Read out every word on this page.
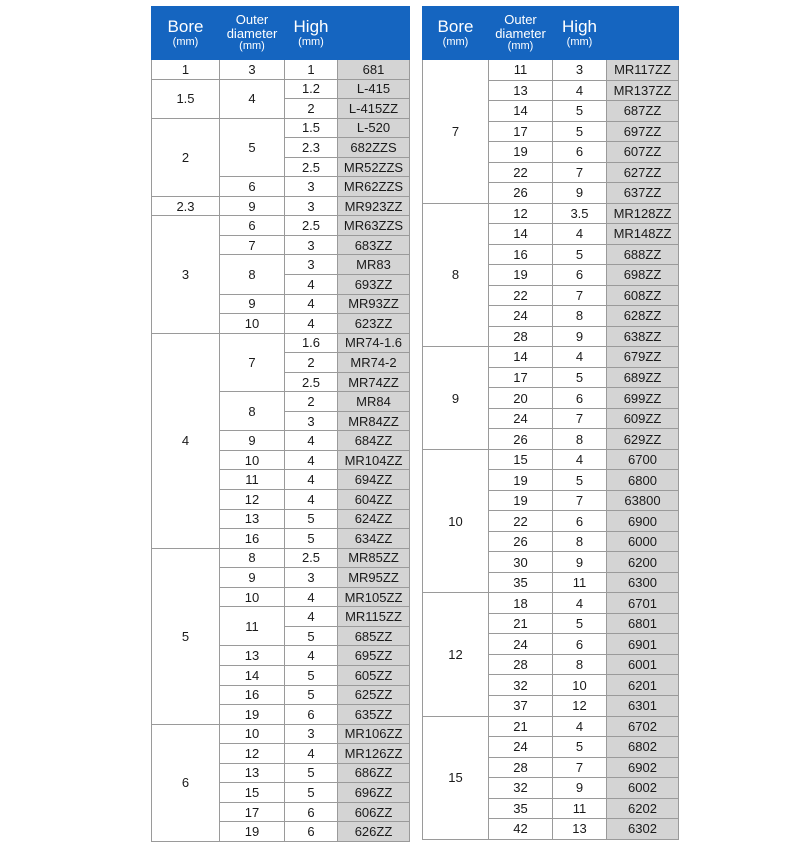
Bore
(mm)	Outer
diameter
(mm)	High
(mm)	

1	3	1	681
1.5	4	1.2	L-415
		2	L-415ZZ
2	5	1.5	L-520
		2.3	682ZZS
		2.5	MR52ZZS
	6	3	MR62ZZS
2.3	9	3	MR923ZZ
3	6	2.5	MR63ZZS
	7	3	683ZZ
	8	3	MR83
		4	693ZZ
	9	4	MR93ZZ
	10	4	623ZZ
4	7	1.6	MR74-1.6
		2	MR74-2
		2.5	MR74ZZ
	8	2	MR84
		3	MR84ZZ
	9	4	684ZZ
	10	4	MR104ZZ
	11	4	694ZZ
	12	4	604ZZ
	13	5	624ZZ
	16	5	634ZZ
5	8	2.5	MR85ZZ
	9	3	MR95ZZ
	10	4	MR105ZZ
	11	4	MR115ZZ
		5	685ZZ
	13	4	695ZZ
	14	5	605ZZ
	16	5	625ZZ
	19	6	635ZZ
6	10	3	MR106ZZ
	12	4	MR126ZZ
	13	5	686ZZ
	15	5	696ZZ
	17	6	606ZZ
	19	6	626ZZ
Bore
(mm)	Outer
diameter
(mm)	High
(mm)	

7	11	3	MR117ZZ
	13	4	MR137ZZ
	14	5	687ZZ
	17	5	697ZZ
	19	6	607ZZ
	22	7	627ZZ
	26	9	637ZZ
8	12	3.5	MR128ZZ
	14	4	MR148ZZ
	16	5	688ZZ
	19	6	698ZZ
	22	7	608ZZ
	24	8	628ZZ
	28	9	638ZZ
9	14	4	679ZZ
	17	5	689ZZ
	20	6	699ZZ
	24	7	609ZZ
	26	8	629ZZ
10	15	4	6700
	19	5	6800
	19	7	63800
	22	6	6900
	26	8	6000
	30	9	6200
	35	11	6300
12	18	4	6701
	21	5	6801
	24	6	6901
	28	8	6001
	32	10	6201
	37	12	6301
15	21	4	6702
	24	5	6802
	28	7	6902
	32	9	6002
	35	11	6202
	42	13	6302
